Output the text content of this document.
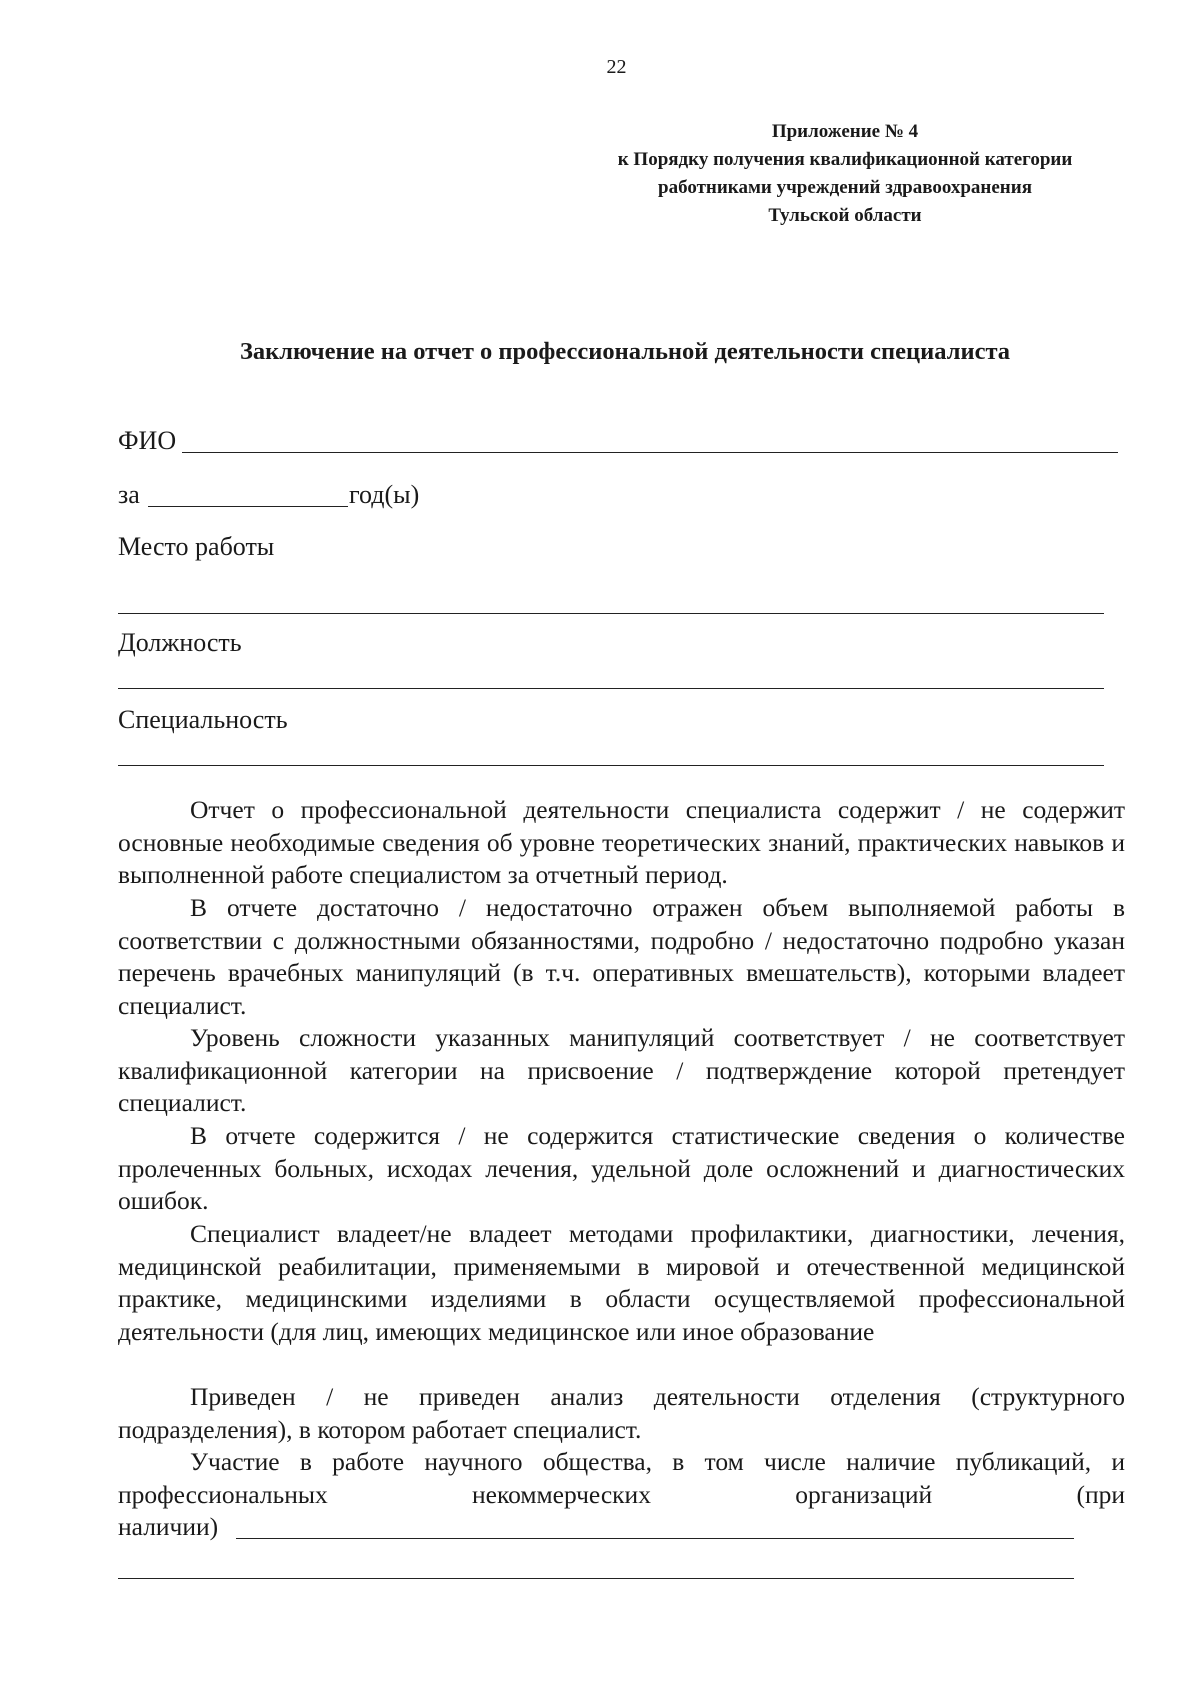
22
Приложение № 4
к Порядку получения квалификационной категории
работниками учреждений здравоохранения
Тульской области
Заключение на отчет о профессиональной деятельности специалиста
ФИО
за	год(ы)
Место работы
Должность
Специальность
Отчет о профессиональной деятельности специалиста содержит / не содержит основные необходимые сведения об уровне теоретических знаний, практических навыков и выполненной работе специалистом за отчетный период.
В отчете достаточно / недостаточно отражен объем выполняемой работы в соответствии с должностными обязанностями, подробно / недостаточно подробно указан перечень врачебных манипуляций (в т.ч. оперативных вмешательств), которыми владеет специалист.
Уровень сложности указанных манипуляций соответствует / не соответствует квалификационной категории на присвоение / подтверждение которой претендует специалист.
В отчете содержится / не содержится статистические сведения о количестве пролеченных больных, исходах лечения, удельной доле осложнений и диагностических ошибок.
Специалист владеет/не владеет методами профилактики, диагностики, лечения, медицинской реабилитации, применяемыми в мировой и отечественной медицинской практике, медицинскими изделиями в области осуществляемой профессиональной деятельности (для лиц, имеющих медицинское или иное образование
Приведен / не приведен анализ деятельности отделения (структурного подразделения), в котором работает специалист.
Участие в работе научного общества, в том числе наличие публикаций, и профессиональных некоммерческих организаций (при
наличии)
